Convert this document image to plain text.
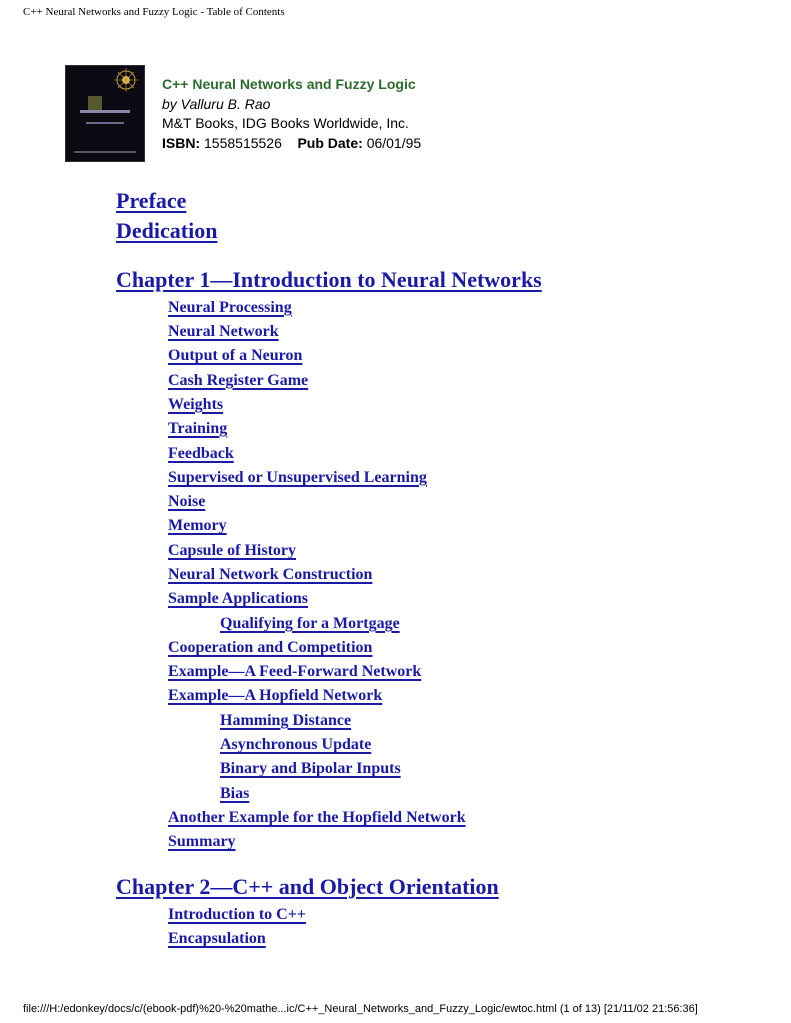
C++ Neural Networks and Fuzzy Logic - Table of Contents
C++ Neural Networks and Fuzzy Logic
by Valluru B. Rao
M&T Books, IDG Books Worldwide, Inc.
ISBN: 1558515526 Pub Date: 06/01/95
Preface
Dedication
Chapter 1—Introduction to Neural Networks
Neural Processing
Neural Network
Output of a Neuron
Cash Register Game
Weights
Training
Feedback
Supervised or Unsupervised Learning
Noise
Memory
Capsule of History
Neural Network Construction
Sample Applications
Qualifying for a Mortgage
Cooperation and Competition
Example—A Feed-Forward Network
Example—A Hopfield Network
Hamming Distance
Asynchronous Update
Binary and Bipolar Inputs
Bias
Another Example for the Hopfield Network
Summary
Chapter 2—C++ and Object Orientation
Introduction to C++
Encapsulation
file:///H:/edonkey/docs/c/(ebook-pdf)%20-%20mathe...ic/C++_Neural_Networks_and_Fuzzy_Logic/ewtoc.html (1 of 13) [21/11/02 21:56:36]
